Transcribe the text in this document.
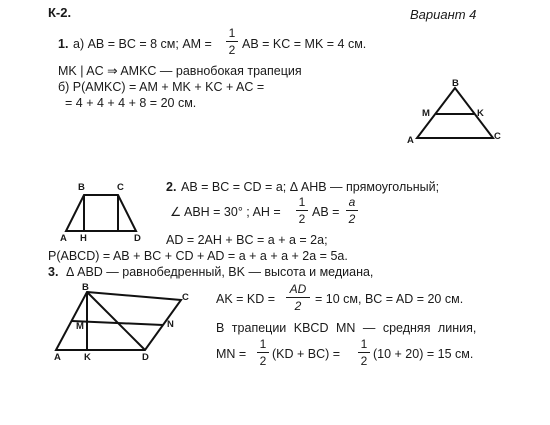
К-2.	Вариант 4
1. а) AB = BC = 8 см; AM = $\frac{1}{2}$ AB = KC = MK = 4 см.
MK | AC ⇒ AMKC — равнобокая трапеция
б) P(AMKC) = AM + MK + KC + AC =
= 4 + 4 + 4 + 8 = 20 см.
2. AB = BC = CD = a; Δ AHB — прямоугольный;
∠ ABH = 30° ; AH = $\frac{1}{2}$ AB = $\frac{a}{2}$
AD = 2AH + BC = a + a = 2a;
P(ABCD) = AB + BC + CD + AD = a + a + a + 2a = 5a.
3. Δ ABD — равнобедренный, BK — высота и медиана,
AK = KD = $\frac{AD}{2} = 10$ см, BC = AD = 20 см.
В трапеции KBCD MN — средняя линия,
MN = $\frac{1}{2} (KD + BC) = \frac{1}{2} (10 + 20) = 15$ см.
B
M	K
A	C
B	C
A H	D
B
C
M	N
A K	D
